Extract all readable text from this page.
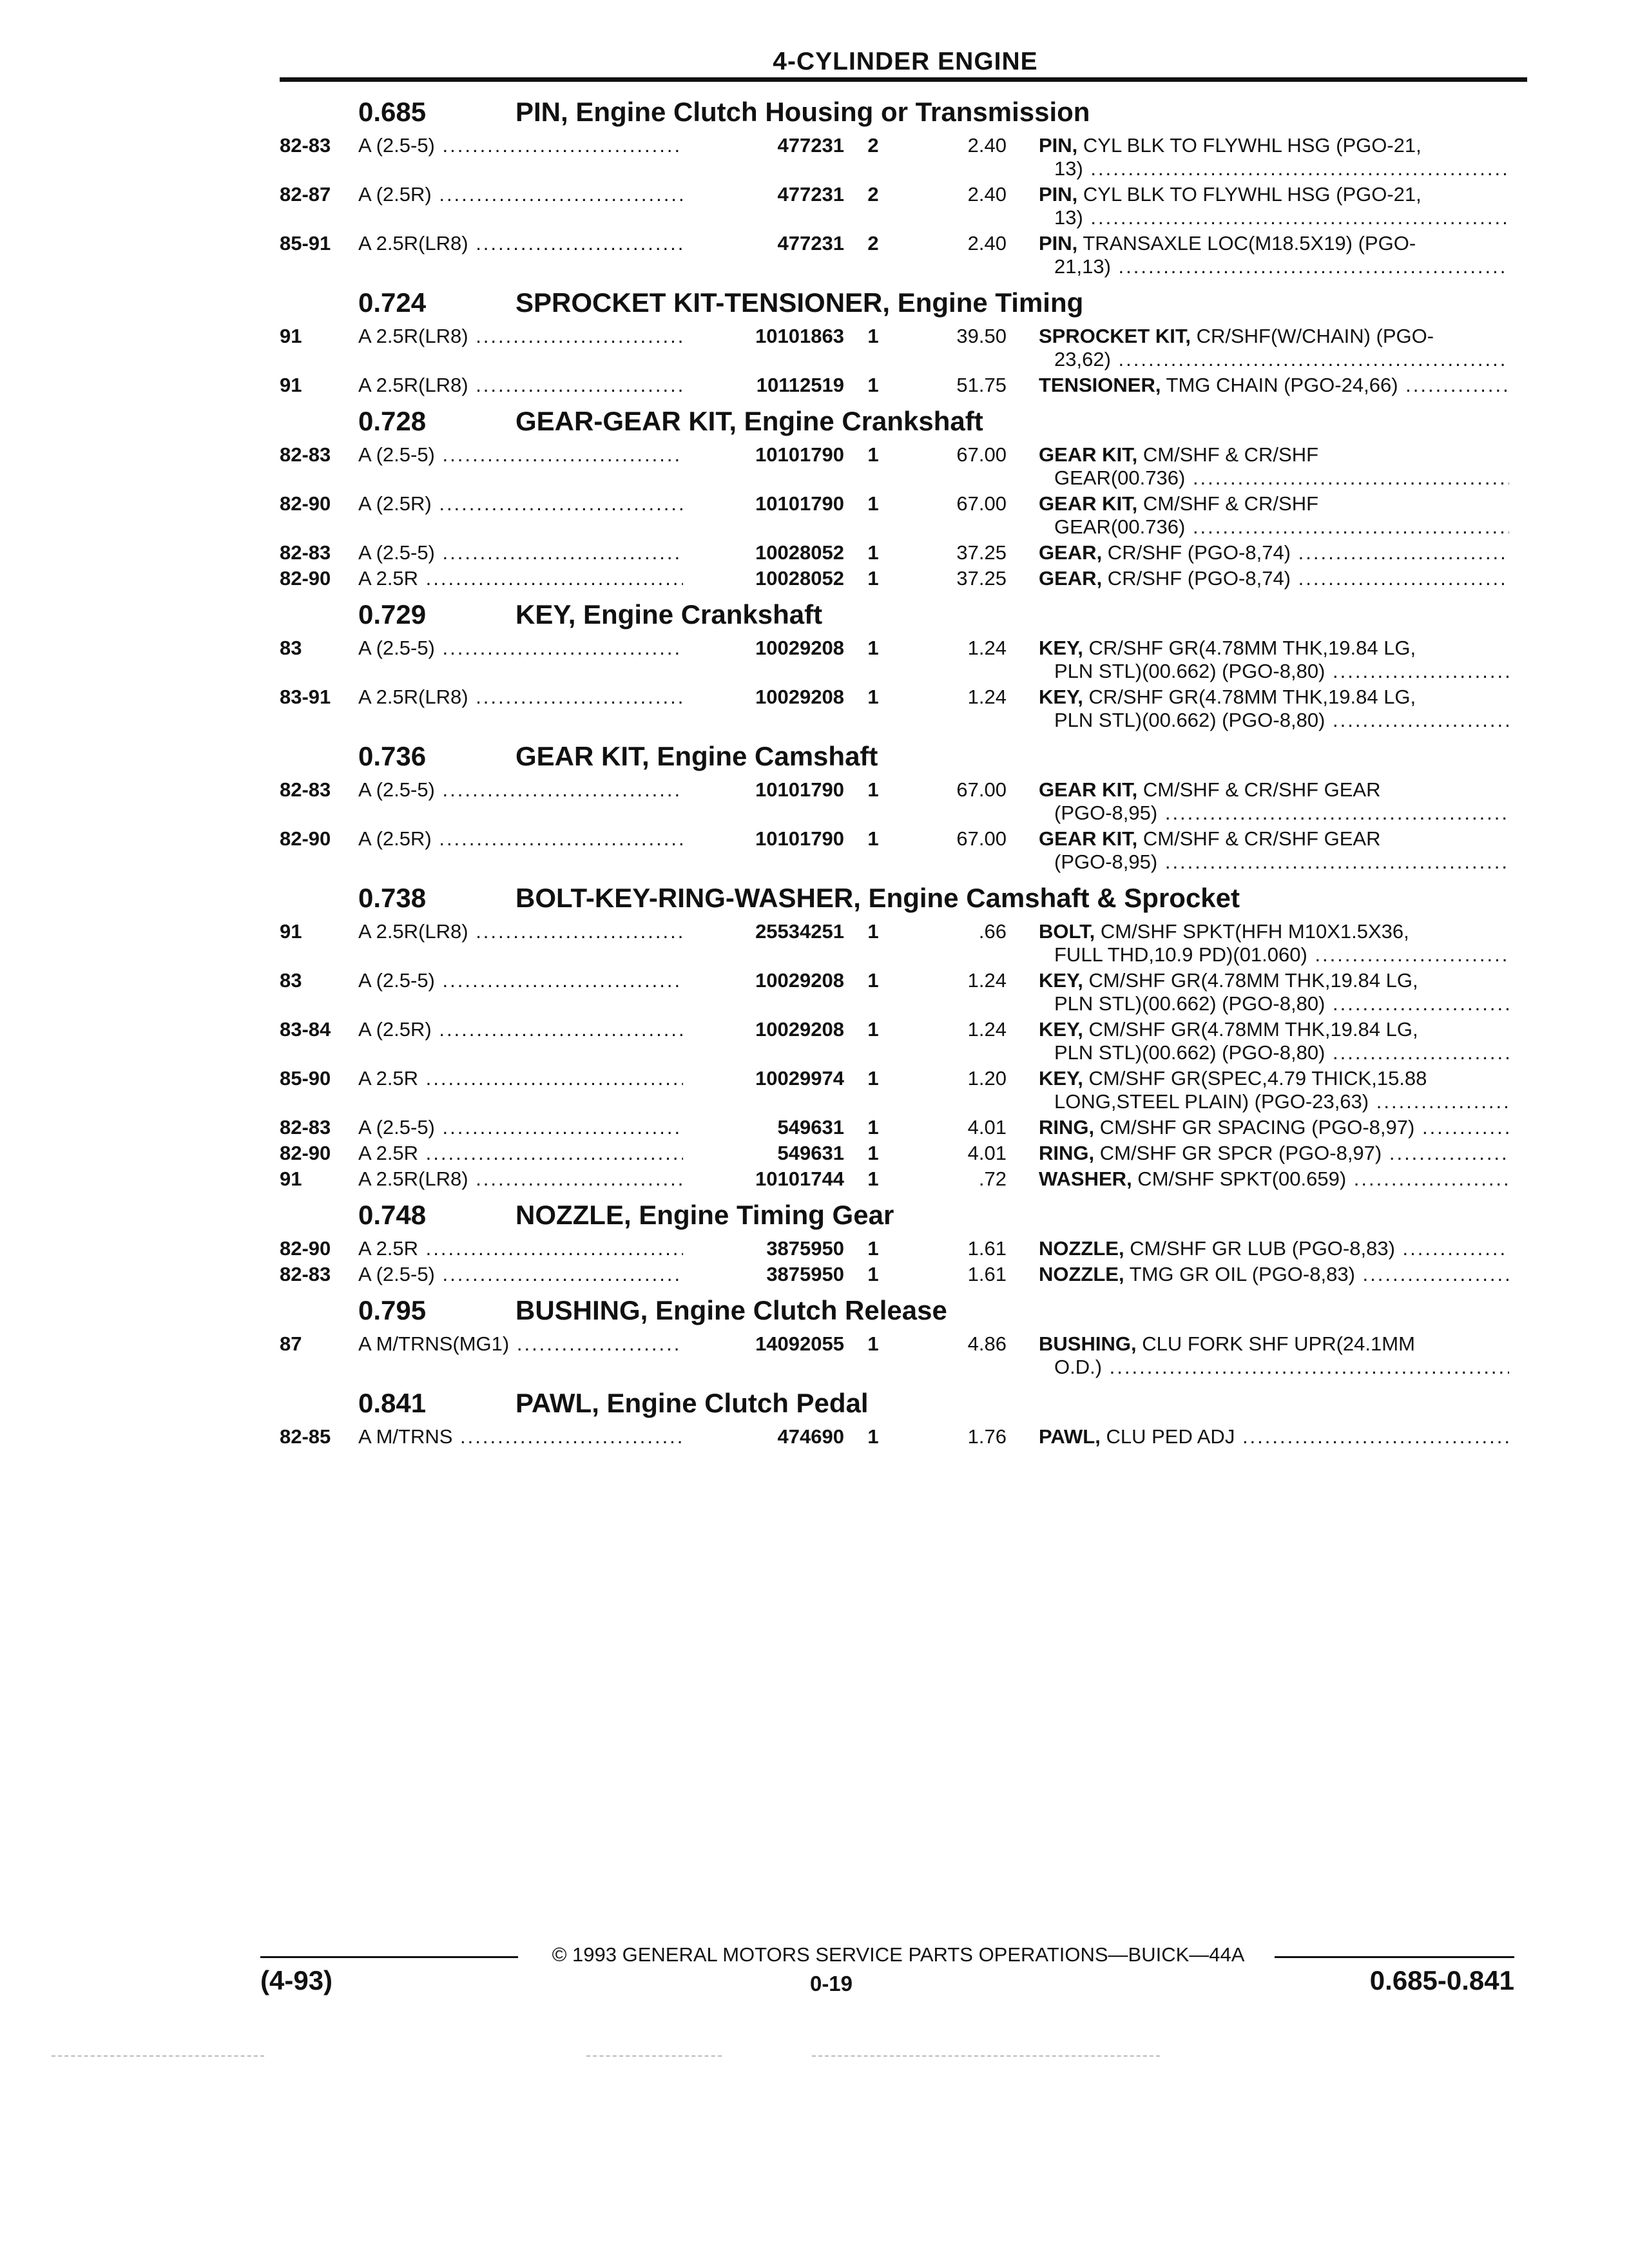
4-CYLINDER ENGINE
0.685	PIN, Engine Clutch Housing or Transmission
82-83	A (2.5-5) .....	477231	2	2.40 PIN, CYL BLK TO FLYWHL HSG (PGO-21,
13) .....
82-87	A (2.5R) .....	477231	2	2.40 PIN, CYL BLK TO FLYWHL HSG (PGO-21,
13) .....
85-91	A 2.5R(LR8) .....	477231	2	2.40 PIN, TRANSAXLE LOC(M18.5X19) (PGO-
21,13) .....
0.724	SPROCKET KIT-TENSIONER, Engine Timing
91	A 2.5R(LR8) .....	10101863	1	39.50 SPROCKET KIT, CR/SHF(W/CHAIN) (PGO-
23,62) .....
91	A 2.5R(LR8) .....	10112519	1	51.75 TENSIONER, TMG CHAIN (PGO-24,66) .....
0.728	GEAR-GEAR KIT, Engine Crankshaft
82-83	A (2.5-5) .....	10101790	1	67.00 GEAR KIT, CM/SHF & CR/SHF
GEAR(00.736) .....
82-90	A (2.5R) .....	10101790	1	67.00 GEAR KIT, CM/SHF & CR/SHF
GEAR(00.736) .....
82-83	A (2.5-5) .....	10028052	1	37.25 GEAR, CR/SHF (PGO-8,74) .....
82-90	A 2.5R .....	10028052	1	37.25 GEAR, CR/SHF (PGO-8,74) .....
0.729	KEY, Engine Crankshaft
83	A (2.5-5) .....	10029208	1	1.24 KEY, CR/SHF GR(4.78MM THK,19.84 LG,
PLN STL)(00.662) (PGO-8,80) .....
83-91	A 2.5R(LR8) .....	10029208	1	1.24 KEY, CR/SHF GR(4.78MM THK,19.84 LG,
PLN STL)(00.662) (PGO-8,80) .....
0.736	GEAR KIT, Engine Camshaft
82-83	A (2.5-5) .....	10101790	1	67.00 GEAR KIT, CM/SHF & CR/SHF GEAR
(PGO-8,95) .....
82-90	A (2.5R) .....	10101790	1	67.00 GEAR KIT, CM/SHF & CR/SHF GEAR
(PGO-8,95) .....
0.738	BOLT-KEY-RING-WASHER, Engine Camshaft & Sprocket
91	A 2.5R(LR8) .....	25534251	1	.66 BOLT, CM/SHF SPKT(HFH M10X1.5X36,
FULL THD,10.9 PD)(01.060) .....
83	A (2.5-5) .....	10029208	1	1.24 KEY, CM/SHF GR(4.78MM THK,19.84 LG,
PLN STL)(00.662) (PGO-8,80) .....
83-84	A (2.5R) .....	10029208	1	1.24 KEY, CM/SHF GR(4.78MM THK,19.84 LG,
PLN STL)(00.662) (PGO-8,80) .....
85-90	A 2.5R .....	10029974	1	1.20 KEY, CM/SHF GR(SPEC,4.79 THICK,15.88
LONG,STEEL PLAIN) (PGO-23,63) .....
82-83	A (2.5-5) .....	549631	1	4.01 RING, CM/SHF GR SPACING (PGO-8,97) .....
82-90	A 2.5R .....	549631	1	4.01 RING, CM/SHF GR SPCR (PGO-8,97) .....
91	A 2.5R(LR8) .....	10101744	1	.72 WASHER, CM/SHF SPKT(00.659) .....
0.748	NOZZLE, Engine Timing Gear
82-90	A 2.5R .....	3875950	1	1.61 NOZZLE, CM/SHF GR LUB (PGO-8,83) .....
82-83	A (2.5-5) .....	3875950	1	1.61 NOZZLE, TMG GR OIL (PGO-8,83) .....
0.795	BUSHING, Engine Clutch Release
87	A M/TRNS(MG1) .....	14092055	1	4.86 BUSHING, CLU FORK SHF UPR(24.1MM
O.D.) .....
0.841	PAWL, Engine Clutch Pedal
82-85	A M/TRNS .....	474690	1	1.76 PAWL, CLU PED ADJ .....
© 1993 GENERAL MOTORS SERVICE PARTS OPERATIONS—BUICK—44A
(4-93)	0-19	0.685-0.841
